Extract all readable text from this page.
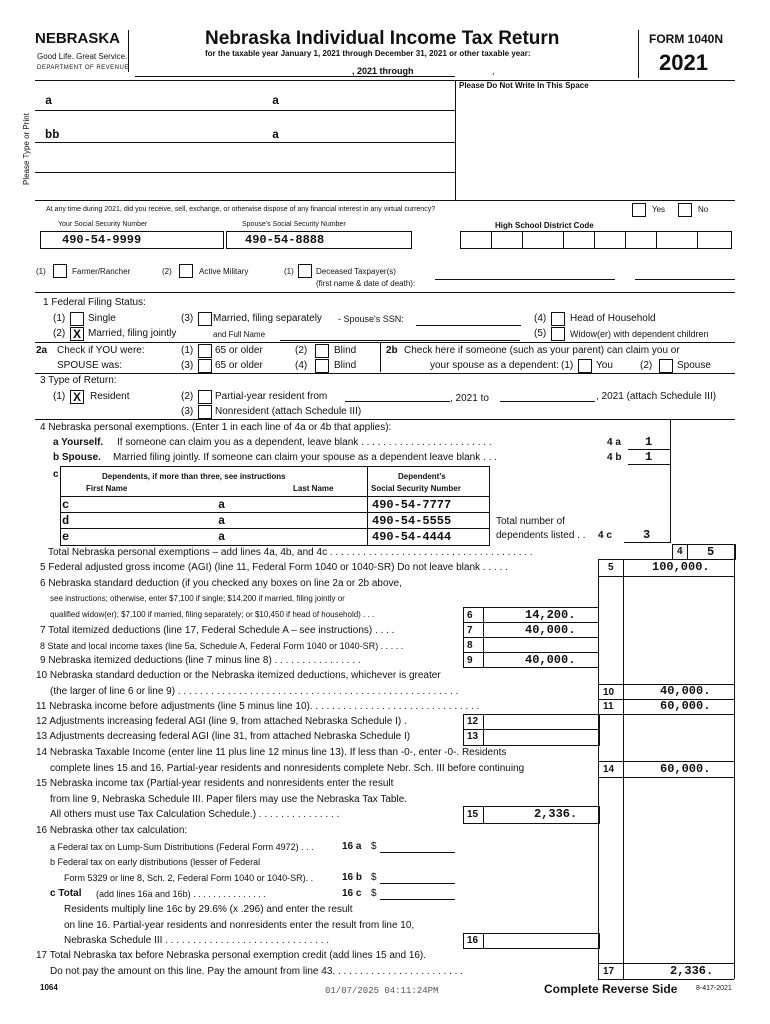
NEBRASKA
Good Life. Great Service.
DEPARTMENT OF REVENUE
Nebraska Individual Income Tax Return
for the taxable year January 1, 2021 through December 31, 2021 or other taxable year:
, 2021 through	,
FORM 1040N
2021
Please Do Not Write In This Space
Please Type or Print
a	a
bb	a
At any time during 2021, did you receive, sell, exchange, or otherwise dispose of any financial interest in any virtual currency?	Yes	No
Your Social Security Number	Spouse's Social Security Number	High School District Code
490-54-9999	490-54-8888
(1)	Farmer/Rancher	(2)	Active Military	(1)	Deceased Taxpayer(s)
(first name & date of death):
1 Federal Filing Status:
(1) Single
(2) X Married, filing jointly
(3) Married, filing separately - Spouse's SSN:
and Full Name
(4) Head of Household
(5)	Widow(er) with dependent children
2a Check if YOU were:
SPOUSE was:
(1) 65 or older
(3) 65 or older
(2)	Blind
(4)	Blind
2b Check here if someone (such as your parent) can claim you or
your spouse as a dependent: (1) You	(2) Spouse
3 Type of Return:
(1) X Resident	(2) Partial-year resident from	, 2021 to	, 2021 (attach Schedule III)
(3) Nonresident (attach Schedule III)
4 Nebraska personal exemptions. (Enter 1 in each line of 4a or 4b that applies):
a Yourself. If someone can claim you as a dependent, leave blank . . . . . . . . . . . . . . . . . . . . . . . .	4 a 1
b Spouse. Married filing jointly. If someone can claim your spouse as a dependent leave blank . . .	4 b 1
c	Dependents, if more than three, see instructions
First Name	Last Name
Dependent's
Social Security Number
c	a	490-54-7777
d	a	490-54-5555
e	a	490-54-4444
Total number of
dependents listed . . 4 c	3
Total Nebraska personal exemptions – add lines 4a, 4b, and 4c . . . . . . . . . . . . . . . . . . . . . . . . . . . . . . . . . . . . .	4 5
5 Federal adjusted gross income (AGI) (line 11, Federal Form 1040 or 1040-SR) Do not leave blank . . . . .	5	100,000.
6 Nebraska standard deduction (if you checked any boxes on line 2a or 2b above,
see instructions; otherwise, enter $7,100 if single; $14,200 if married, filing jointly or
qualified widow(er); $7,100 if married, filing separately; or $10,450 if head of household) . . .	6	14,200.
7 Total itemized deductions (line 17, Federal Schedule A – see instructions) . . . .	7	40,000.
8 State and local income taxes (line 5a, Schedule A, Federal Form 1040 or 1040-SR) . . . . .	8
9 Nebraska itemized deductions (line 7 minus line 8) . . . . . . . . . . . . . . . .	9	40,000.
10 Nebraska standard deduction or the Nebraska itemized deductions, whichever is greater
(the larger of line 6 or line 9) . . . . . . . . . . . . . . . . . . . . . . . . . . . . . . . . . . . . . . . . . . . . . . . . . . .	10	40,000.
11 Nebraska income before adjustments (line 5 minus line 10). . . . . . . . . . . . . . . . . . . . . . . . . . . . . . .	11	60,000.
12 Adjustments increasing federal AGI (line 9, from attached Nebraska Schedule I) .	12
13 Adjustments decreasing federal AGI (line 31, from attached Nebraska Schedule I)	13
14 Nebraska Taxable Income (enter line 11 plus line 12 minus line 13). If less than -0-, enter -0-. Residents
complete lines 15 and 16. Partial-year residents and nonresidents complete Nebr. Sch. III before continuing	14	60,000.
15 Nebraska income tax (Partial-year residents and nonresidents enter the result
from line 9, Nebraska Schedule III. Paper filers may use the Nebraska Tax Table.
All others must use Tax Calculation Schedule.) . . . . . . . . . . . . . . .	15	2,336.
16 Nebraska other tax calculation:
a Federal tax on Lump-Sum Distributions (Federal Form 4972) . . .	16 a $
b Federal tax on early distributions (lesser of Federal
Form 5329 or line 8, Sch. 2, Federal Form 1040 or 1040-SR). .	16 b $
c Total (add lines 16a and 16b) . . . . . . . . . . . . . . .	16 c $
Residents multiply line 16c by 29.6% (x .296) and enter the result
on line 16. Partial-year residents and nonresidents enter the result from line 10,
Nebraska Schedule III . . . . . . . . . . . . . . . . . . . . . . . . . . . . . .	16
17 Total Nebraska tax before Nebraska personal exemption credit (add lines 15 and 16).
Do not pay the amount on this line. Pay the amount from line 43. . . . . . . . . . . . . . . . . . . . . . . .	17	2,336.
1064	01/07/2025 04:11:24PM	Complete Reverse Side	8-417-2021
